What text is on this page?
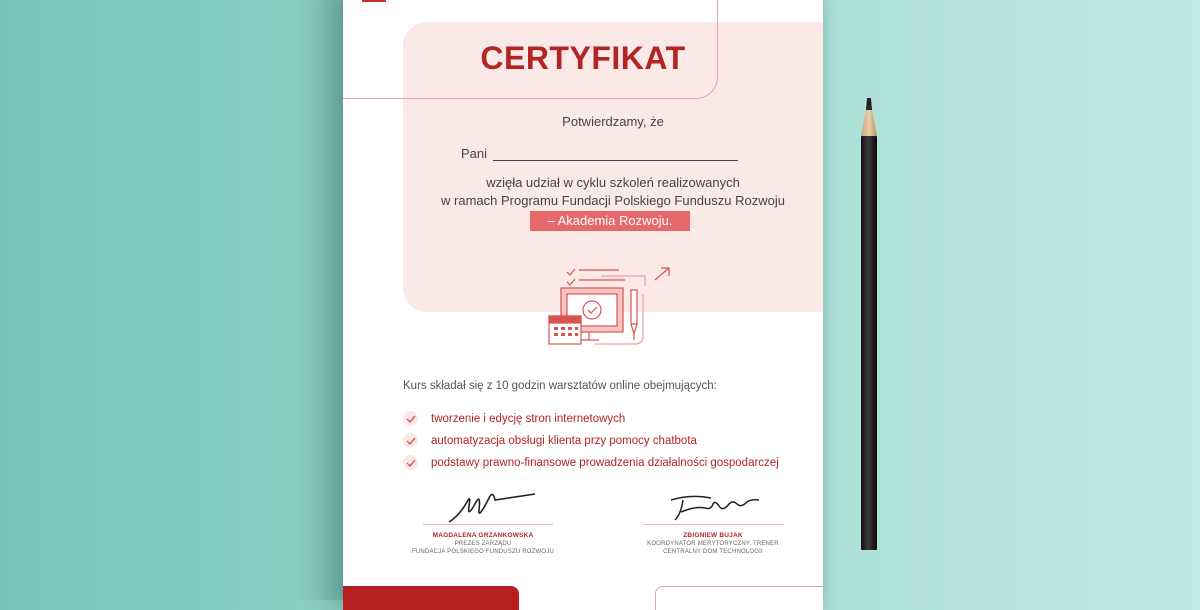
CERTYFIKAT
Potwierdzamy, że
Pani
wzięła udział w cyklu szkoleń realizowanych
w ramach Programu Fundacji Polskiego Funduszu Rozwoju
– Akademia Rozwoju.
Kurs składał się z 10 godzin warsztatów online obejmujących:
tworzenie i edycję stron internetowych
automatyzacja obsługi klienta przy pomocy chatbota
podstawy prawno-finansowe prowadzenia działalności gospodarczej
MAGDALENA GRZANKOWSKA
PREZES ZARZĄDU
FUNDACJA POLSKIEGO FUNDUSZU ROZWOJU
ZBIGNIEW BUJAK
KOORDYNATOR MERYTORYCZNY, TRENER
CENTRALNY DOM TECHNOLOGII
